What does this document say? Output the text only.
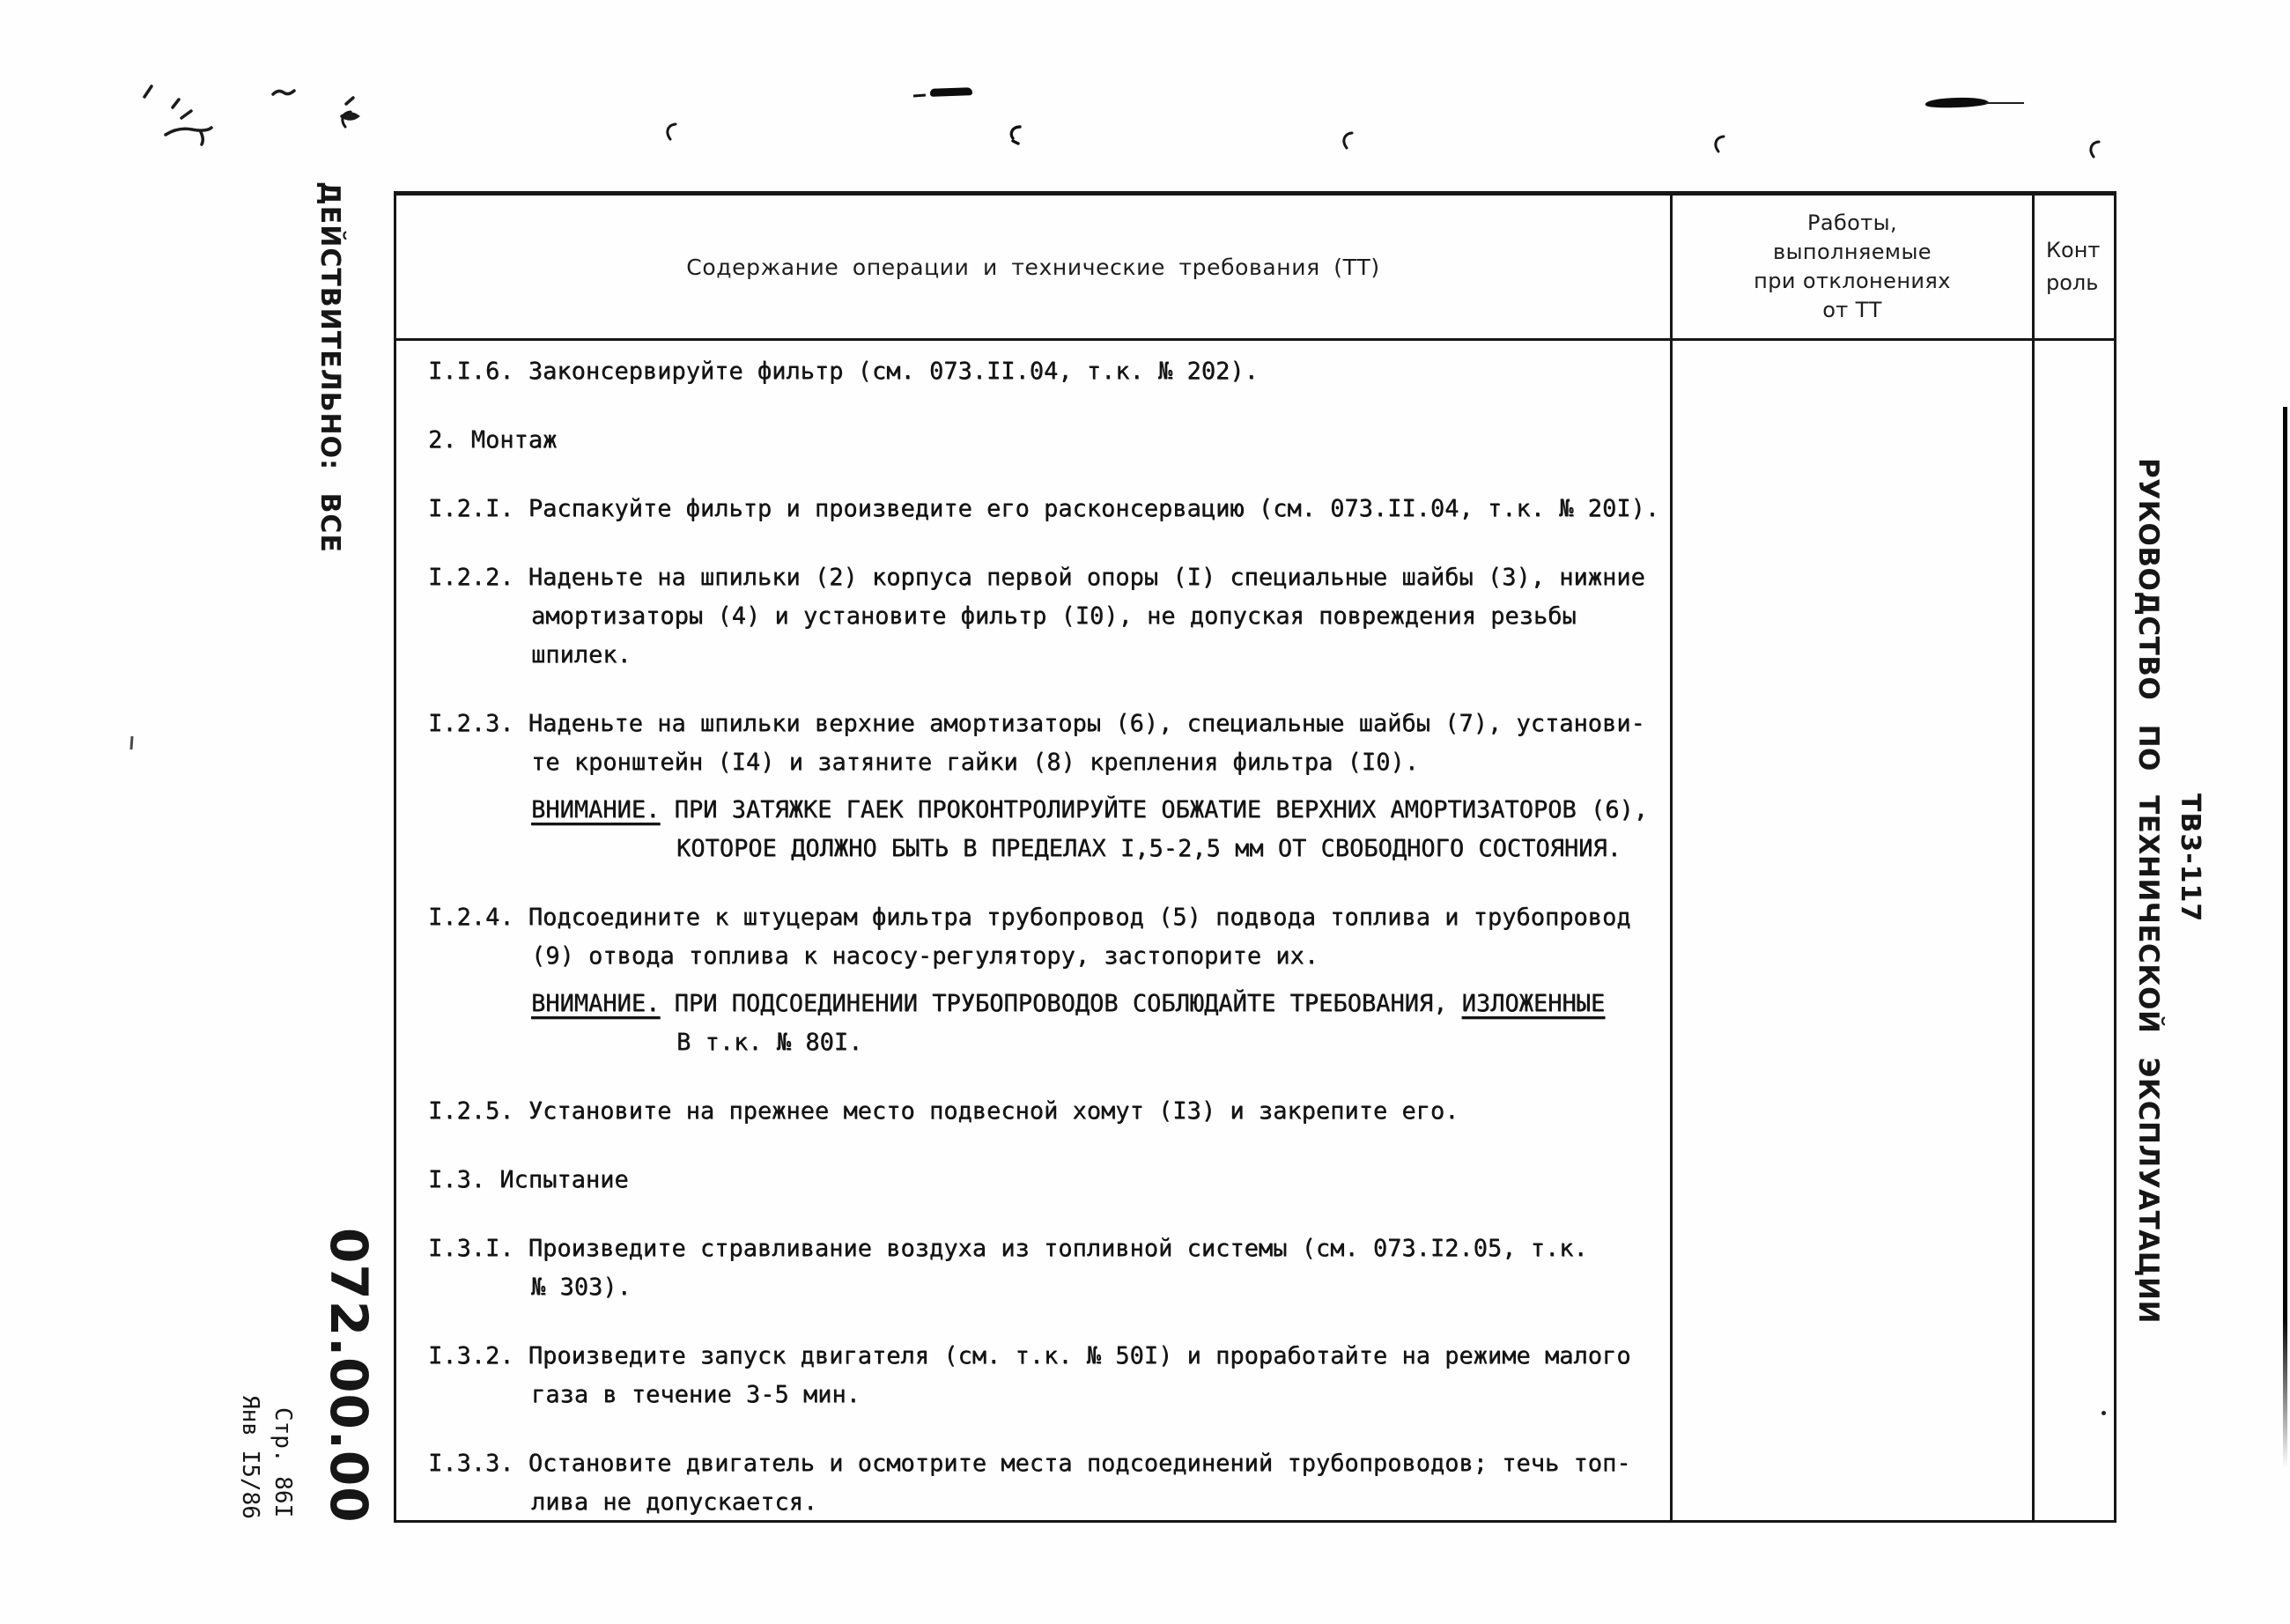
ДЕЙСТВИТЕЛЬНО: ВСЕ
РУКОВОДСТВО ПО ТЕХНИЧЕСКОЙ ЭКСПЛУАТАЦИИ ТВ3-117
072.00.00
Стр. 86I
Янв I5/86
Содержание операции и технические требования (ТТ)
Работы,
выполняемые
при отклонениях
от ТТ
Конт
роль
I.I.6. Законсервируйте фильтр (см. 073.II.04, т.к. № 202).
2. Монтаж
I.2.I. Распакуйте фильтр и произведите его расконсервацию (см. 073.II.04, т.к. № 20I).
I.2.2. Наденьте на шпильки (2) корпуса первой опоры (I) специальные шайбы (3), нижние
амортизаторы (4) и установите фильтр (I0), не допуская повреждения резьбы
шпилек.
I.2.3. Наденьте на шпильки верхние амортизаторы (6), специальные шайбы (7), установи-
те кронштейн (I4) и затяните гайки (8) крепления фильтра (I0).
ВНИМАНИЕ. ПРИ ЗАТЯЖКЕ ГАЕК ПРОКОНТРОЛИРУЙТЕ ОБЖАТИЕ ВЕРХНИХ АМОРТИЗАТОРОВ (6),
КОТОРОЕ ДОЛЖНО БЫТЬ В ПРЕДЕЛАХ I,5-2,5 мм ОТ СВОБОДНОГО СОСТОЯНИЯ.
I.2.4. Подсоедините к штуцерам фильтра трубопровод (5) подвода топлива и трубопровод
(9) отвода топлива к насосу-регулятору, застопорите их.
ВНИМАНИЕ. ПРИ ПОДСОЕДИНЕНИИ ТРУБОПРОВОДОВ СОБЛЮДАЙТЕ ТРЕБОВАНИЯ, ИЗЛОЖЕННЫЕ
В т.к. № 80I.
I.2.5. Установите на прежнее место подвесной хомут (I3) и закрепите его.
I.3. Испытание
I.3.I. Произведите стравливание воздуха из топливной системы (см. 073.I2.05, т.к.
№ 303).
I.3.2. Произведите запуск двигателя (см. т.к. № 50I) и проработайте на режиме малого
газа в течение 3-5 мин.
I.3.3. Остановите двигатель и осмотрите места подсоединений трубопроводов; течь топ-
лива не допускается.
